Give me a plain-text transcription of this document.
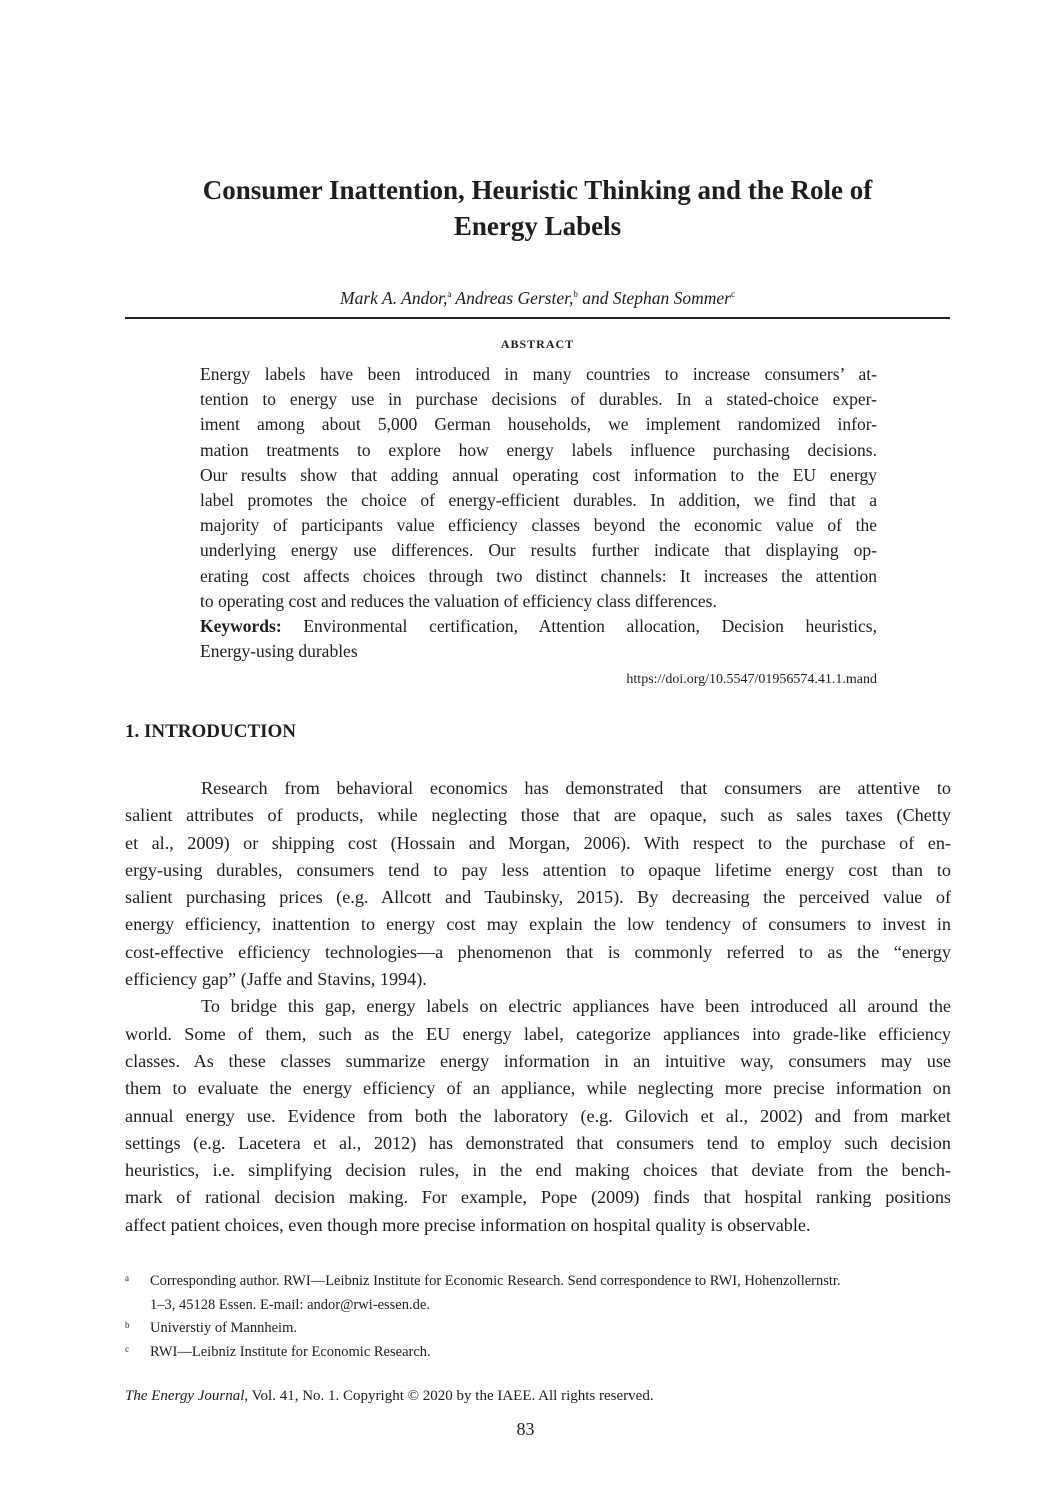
Consumer Inattention, Heuristic Thinking and the Role of
Energy Labels
Mark A. Andor,$^a$ Andreas Gerster,$^b$ and Stephan Sommer$^c$
ABSTRACT
Energy labels have been introduced in many countries to increase consumers’ at-
tention to energy use in purchase decisions of durables. In a stated-choice exper-
iment among about 5,000 German households, we implement randomized infor-
mation treatments to explore how energy labels influence purchasing decisions.
Our results show that adding annual operating cost information to the EU energy
label promotes the choice of energy-efficient durables. In addition, we find that a
majority of participants value efficiency classes beyond the economic value of the
underlying energy use differences. Our results further indicate that displaying op-
erating cost affects choices through two distinct channels: It increases the attention
to operating cost and reduces the valuation of efficiency class differences.
Keywords: Environmental certification, Attention allocation, Decision heuristics,
Energy-using durables
https://doi.org/10.5547/01956574.41.1.mand
1. INTRODUCTION
Research from behavioral economics has demonstrated that consumers are attentive to
salient attributes of products, while neglecting those that are opaque, such as sales taxes (Chetty
et al., 2009) or shipping cost (Hossain and Morgan, 2006). With respect to the purchase of en-
ergy-using durables, consumers tend to pay less attention to opaque lifetime energy cost than to
salient purchasing prices (e.g. Allcott and Taubinsky, 2015). By decreasing the perceived value of
energy efficiency, inattention to energy cost may explain the low tendency of consumers to invest in
cost-effective efficiency technologies—a phenomenon that is commonly referred to as the “energy
efficiency gap” (Jaffe and Stavins, 1994).
To bridge this gap, energy labels on electric appliances have been introduced all around the
world. Some of them, such as the EU energy label, categorize appliances into grade-like efficiency
classes. As these classes summarize energy information in an intuitive way, consumers may use
them to evaluate the energy efficiency of an appliance, while neglecting more precise information on
annual energy use. Evidence from both the laboratory (e.g. Gilovich et al., 2002) and from market
settings (e.g. Lacetera et al., 2012) has demonstrated that consumers tend to employ such decision
heuristics, i.e. simplifying decision rules, in the end making choices that deviate from the bench-
mark of rational decision making. For example, Pope (2009) finds that hospital ranking positions
affect patient choices, even though more precise information on hospital quality is observable.
a Corresponding author. RWI—Leibniz Institute for Economic Research. Send correspondence to RWI, Hohenzollernstr.
1–3, 45128 Essen. E-mail: andor@rwi-essen.de.
b Universtiy of Mannheim.
c RWI—Leibniz Institute for Economic Research.
The Energy Journal, Vol. 41, No. 1. Copyright © 2020 by the IAEE. All rights reserved.
83
